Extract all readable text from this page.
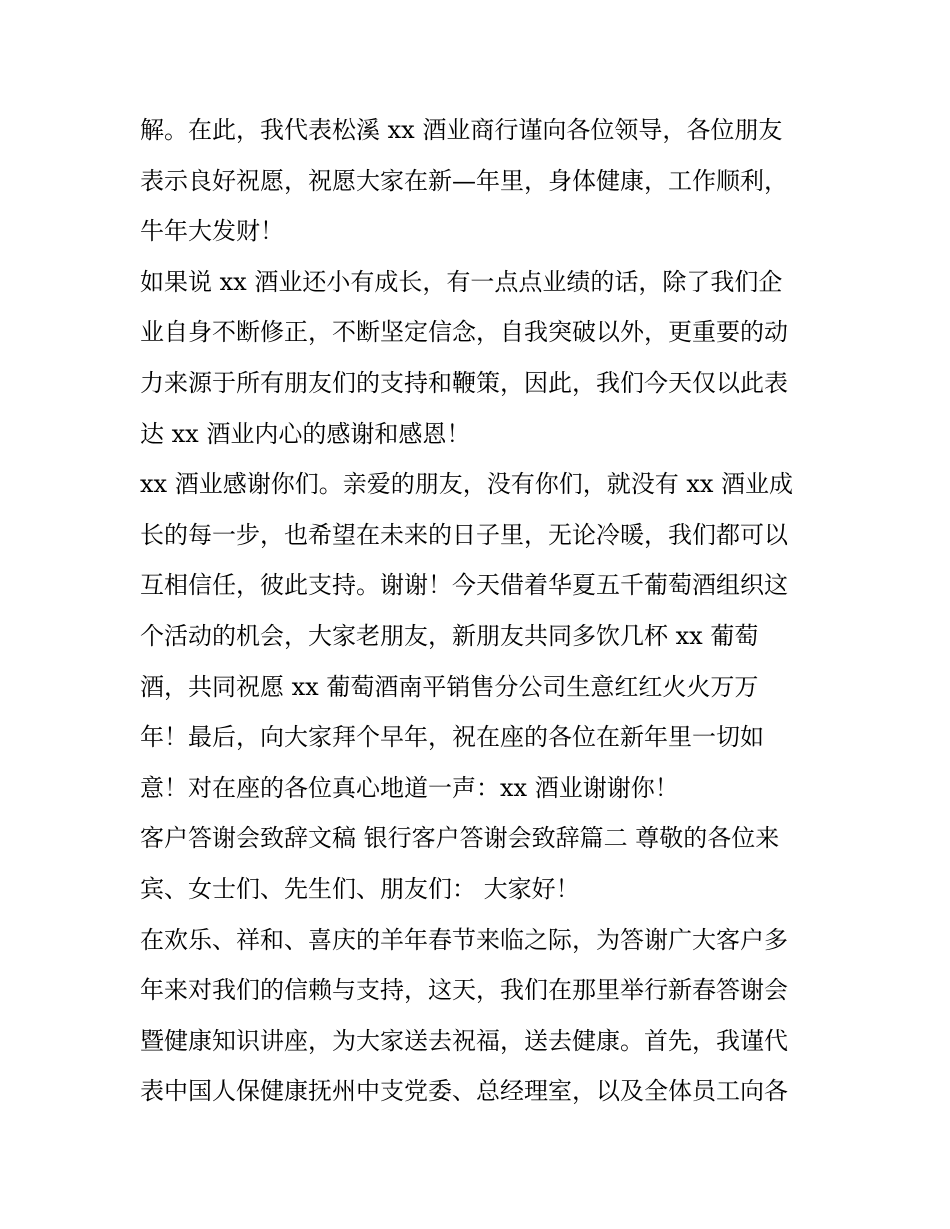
解。在此，我代表松溪 xx 酒业商行谨向各位领导，各位朋友
表示良好祝愿，祝愿大家在新—年里，身体健康，工作顺利，
牛年大发财！
如果说 xx 酒业还小有成长，有一点点业绩的话，除了我们企
业自身不断修正，不断坚定信念，自我突破以外，更重要的动
力来源于所有朋友们的支持和鞭策，因此，我们今天仅以此表
达 xx 酒业内心的感谢和感恩！
xx 酒业感谢你们。亲爱的朋友，没有你们，就没有 xx 酒业成
长的每一步，也希望在未来的日子里，无论冷暖，我们都可以
互相信任，彼此支持。谢谢！今天借着华夏五千葡萄酒组织这
个活动的机会，大家老朋友，新朋友共同多饮几杯 xx 葡萄
酒，共同祝愿 xx 葡萄酒南平销售分公司生意红红火火万万
年！最后，向大家拜个早年，祝在座的各位在新年里一切如
意！对在座的各位真心地道一声：xx 酒业谢谢你！
客户答谢会致辞文稿 银行客户答谢会致辞篇二 尊敬的各位来
宾、女士们、先生们、朋友们： 大家好！
在欢乐、祥和、喜庆的羊年春节来临之际，为答谢广大客户多
年来对我们的信赖与支持，这天，我们在那里举行新春答谢会
暨健康知识讲座，为大家送去祝福，送去健康。首先，我谨代
表中国人保健康抚州中支党委、总经理室，以及全体员工向各
